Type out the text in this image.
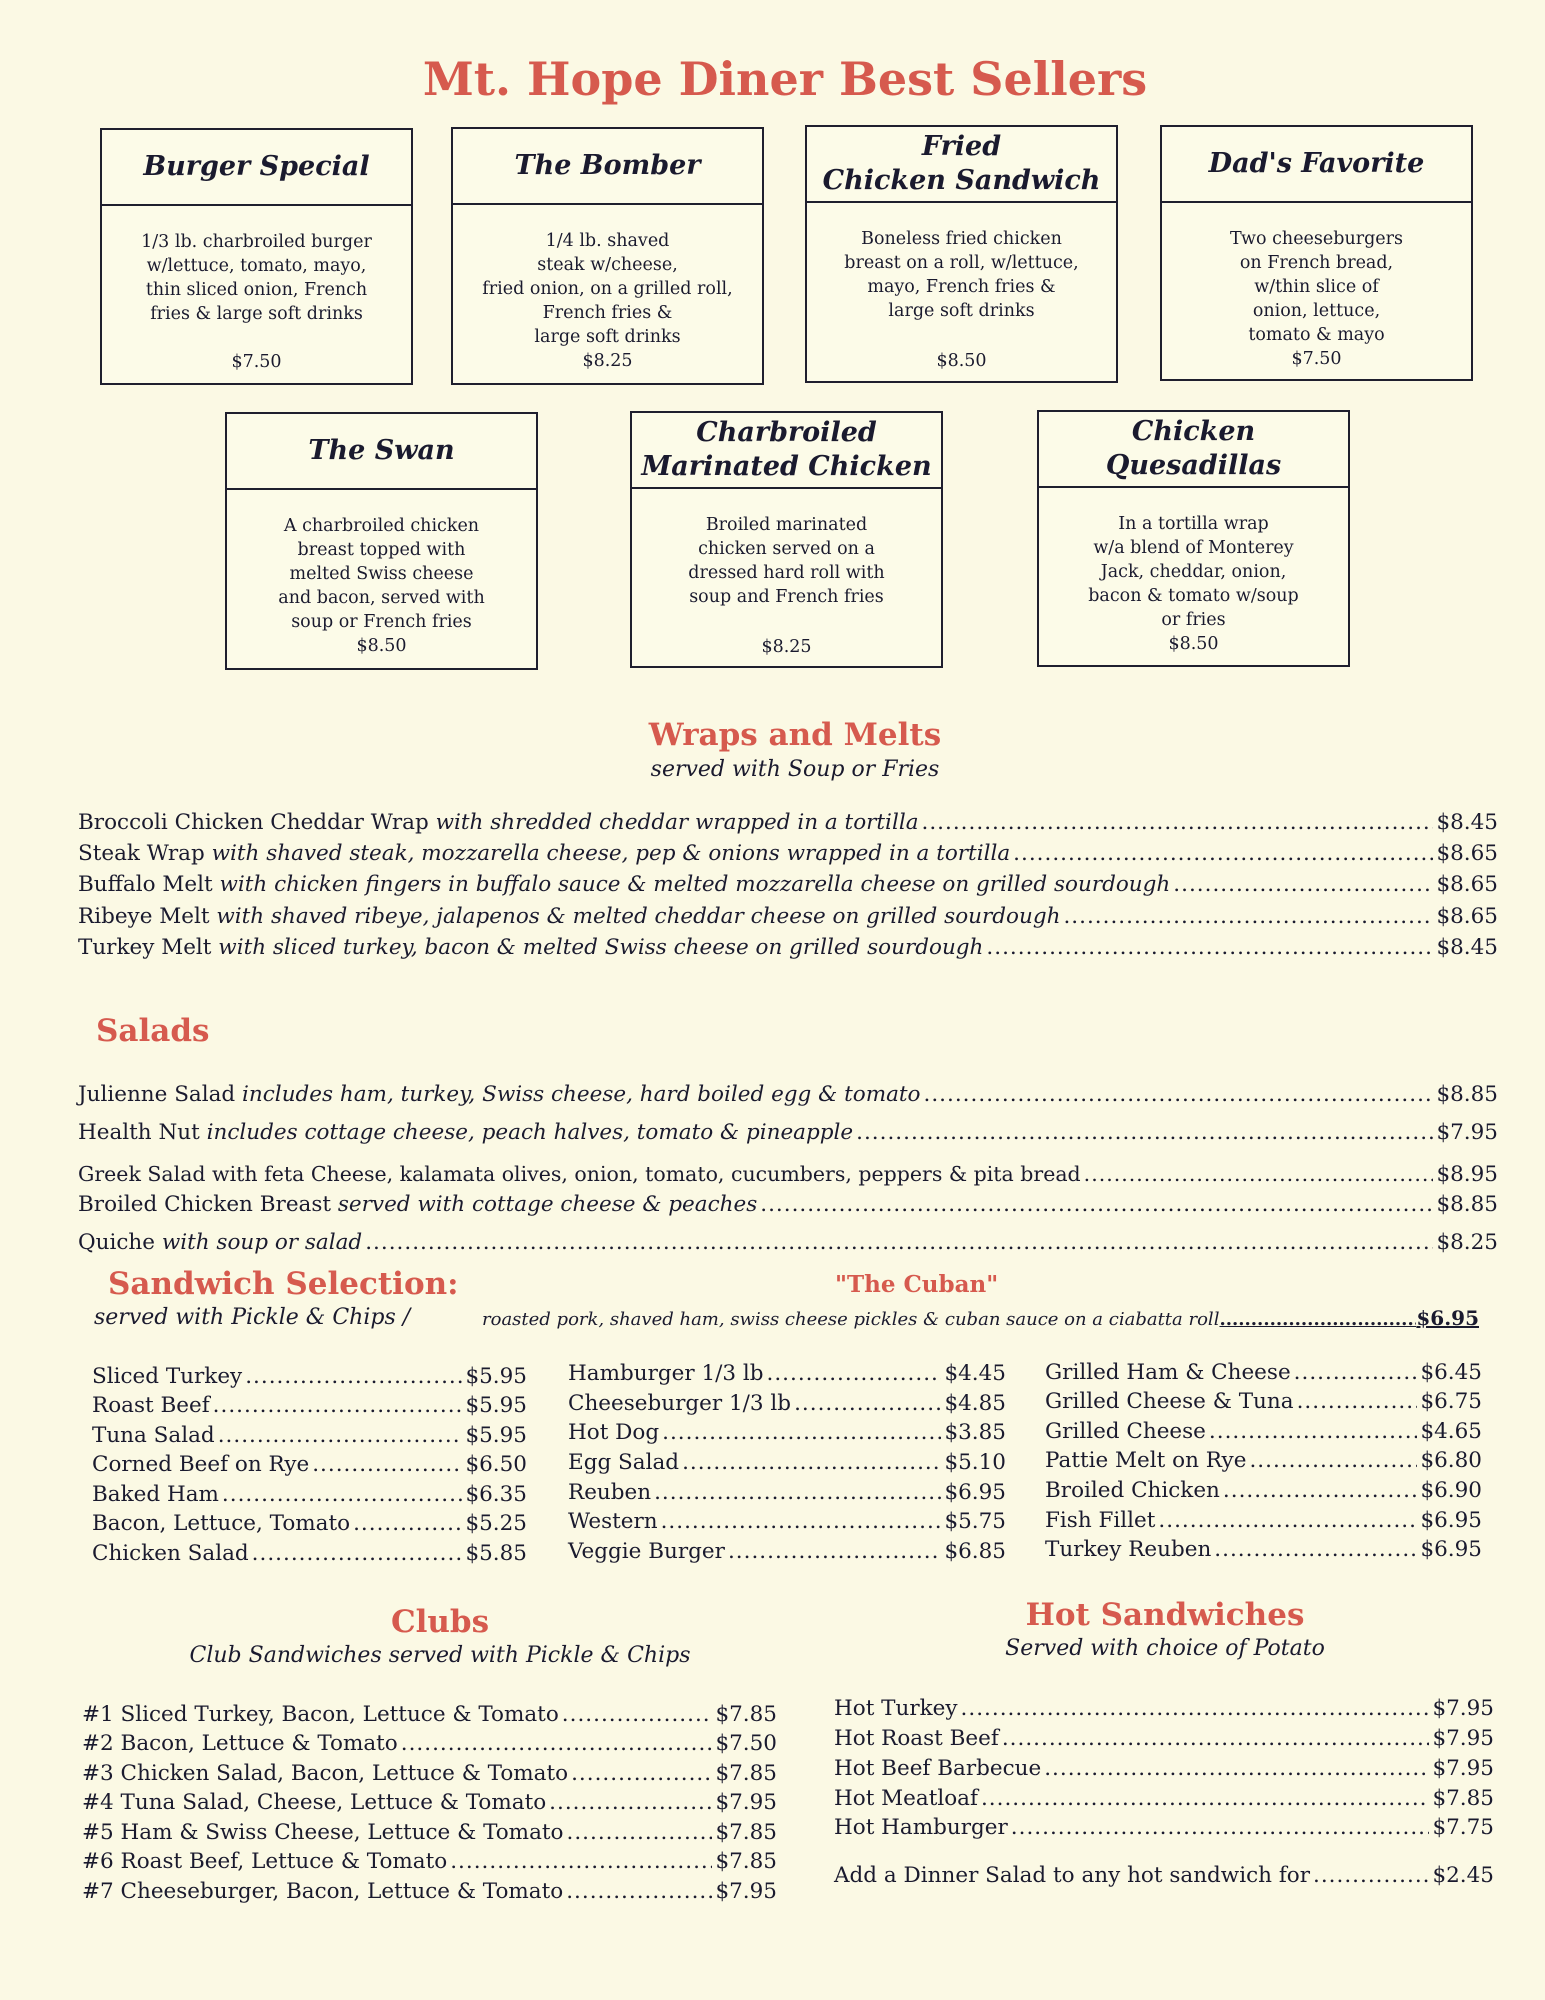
Mt. Hope Diner Best Sellers
Burger Special
1/3 lb. charbroiled burger
w/lettuce, tomato, mayo,
thin sliced onion, French
fries & large soft drinks
$7.50
The Bomber
1/4 lb. shaved
steak w/cheese,
fried onion, on a grilled roll,
French fries &
large soft drinks
$8.25
Fried
Chicken Sandwich
Boneless fried chicken
breast on a roll, w/lettuce,
mayo, French fries &
large soft drinks
$8.50
Dad's Favorite
Two cheeseburgers
on French bread,
w/thin slice of
onion, lettuce,
tomato & mayo
$7.50
The Swan
A charbroiled chicken
breast topped with
melted Swiss cheese
and bacon, served with
soup or French fries
$8.50
Charbroiled
Marinated Chicken
Broiled marinated
chicken served on a
dressed hard roll with
soup and French fries
$8.25
Chicken
Quesadillas
In a tortilla wrap
w/a blend of Monterey
Jack, cheddar, onion,
bacon & tomato w/soup
or fries
$8.50
Wraps and Melts
served with Soup or Fries
Broccoli Chicken Cheddar Wrap
with shredded cheddar wrapped in a tortilla .....	$8.45
Steak Wrap
with shaved steak, mozzarella cheese, pep & onions wrapped in a tortilla .....	$8.65
Buffalo Melt
with chicken fingers in buffalo sauce & melted mozzarella cheese on grilled sourdough .....	$8.65
Ribeye Melt
with shaved ribeye, jalapenos & melted cheddar cheese on grilled sourdough .....	$8.65
Turkey Melt
with sliced turkey, bacon & melted Swiss cheese on grilled sourdough .....	$8.45
Salads
Julienne Salad
includes ham, turkey, Swiss cheese, hard boiled egg & tomato .....	$8.85
Health Nut
includes cottage cheese, peach halves, tomato & pineapple .....	$7.95
Greek Salad with feta Cheese, kalamata olives, onion, tomato, cucumbers, peppers & pita bread .....	$8.95
Broiled Chicken Breast
served with cottage cheese & peaches .....	$8.85
Quiche
with soup or salad .....	$8.25
Sandwich Selection:
served with Pickle & Chips /
"The Cuban"
roasted pork, shaved ham, swiss cheese pickles & cuban sauce on a ciabatta roll .....	$6.95
Sliced Turkey .....	$5.95
Roast Beef .....	$5.95
Tuna Salad .....	$5.95
Corned Beef on Rye .....	$6.50
Baked Ham .....	$6.35
Bacon, Lettuce, Tomato .....	$5.25
Chicken Salad .....	$5.85
Hamburger 1/3 lb .....	$4.45
Cheeseburger 1/3 lb .....	$4.85
Hot Dog .....	$3.85
Egg Salad .....	$5.10
Reuben .....	$6.95
Western .....	$5.75
Veggie Burger .....	$6.85
Grilled Ham & Cheese .....	$6.45
Grilled Cheese & Tuna .....	$6.75
Grilled Cheese .....	$4.65
Pattie Melt on Rye .....	$6.80
Broiled Chicken .....	$6.90
Fish Fillet .....	$6.95
Turkey Reuben .....	$6.95
Clubs
Club Sandwiches served with Pickle & Chips
#1 Sliced Turkey, Bacon, Lettuce & Tomato .....	$7.85
#2 Bacon, Lettuce & Tomato .....	$7.50
#3 Chicken Salad, Bacon, Lettuce & Tomato .....	$7.85
#4 Tuna Salad, Cheese, Lettuce & Tomato .....	$7.95
#5 Ham & Swiss Cheese, Lettuce & Tomato .....	$7.85
#6 Roast Beef, Lettuce & Tomato .....	$7.85
#7 Cheeseburger, Bacon, Lettuce & Tomato .....	$7.95
Hot Sandwiches
Served with choice of Potato
Hot Turkey .....	$7.95
Hot Roast Beef .....	$7.95
Hot Beef Barbecue .....	$7.95
Hot Meatloaf .....	$7.85
Hot Hamburger .....	$7.75
Add a Dinner Salad to any hot sandwich for .....	$2.45
